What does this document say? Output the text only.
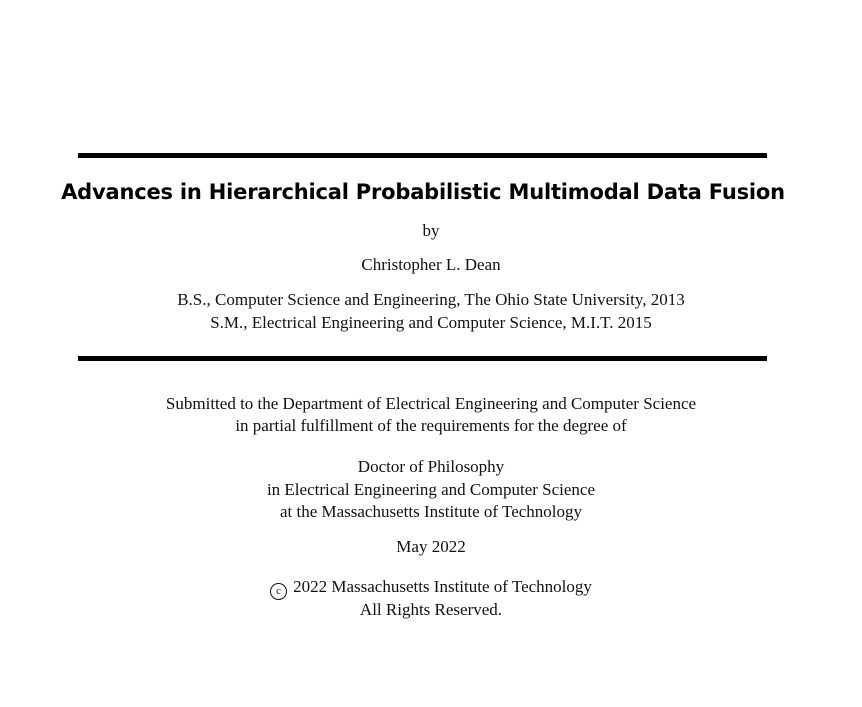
Advances in Hierarchical Probabilistic Multimodal Data Fusion
by
Christopher L. Dean
B.S., Computer Science and Engineering, The Ohio State University, 2013
S.M., Electrical Engineering and Computer Science, M.I.T. 2015
Submitted to the Department of Electrical Engineering and Computer Science
in partial fulfillment of the requirements for the degree of
Doctor of Philosophy
in Electrical Engineering and Computer Science
at the Massachusetts Institute of Technology
May 2022
c 2022 Massachusetts Institute of Technology
All Rights Reserved.
